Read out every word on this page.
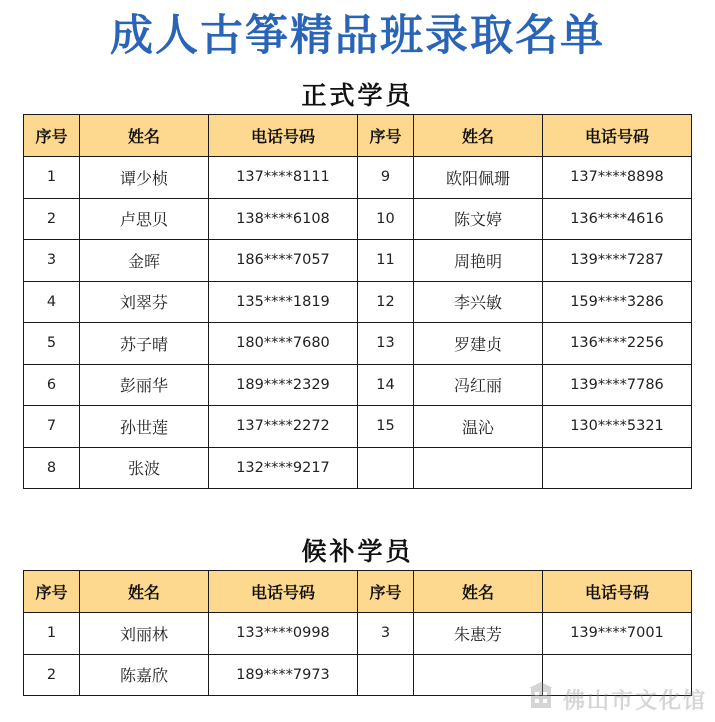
成人古筝精品班录取名单
正式学员
序号	姓名	电话号码	序号	姓名	电话号码
1	谭少桢	137****8111	9	欧阳佩珊	137****8898
2	卢思贝	138****6108	10	陈文婷	136****4616
3	金晖	186****7057	11	周艳明	139****7287
4	刘翠芬	135****1819	12	李兴敏	159****3286
5	苏子晴	180****7680	13	罗建贞	136****2256
6	彭丽华	189****2329	14	冯红丽	139****7786
7	孙世莲	137****2272	15	温沁	130****5321
8	张波	132****9217			
候补学员
序号	姓名	电话号码	序号	姓名	电话号码
1	刘丽林	133****0998	3	朱惠芳	139****7001
2	陈嘉欣	189****7973			
佛山市文化馆
